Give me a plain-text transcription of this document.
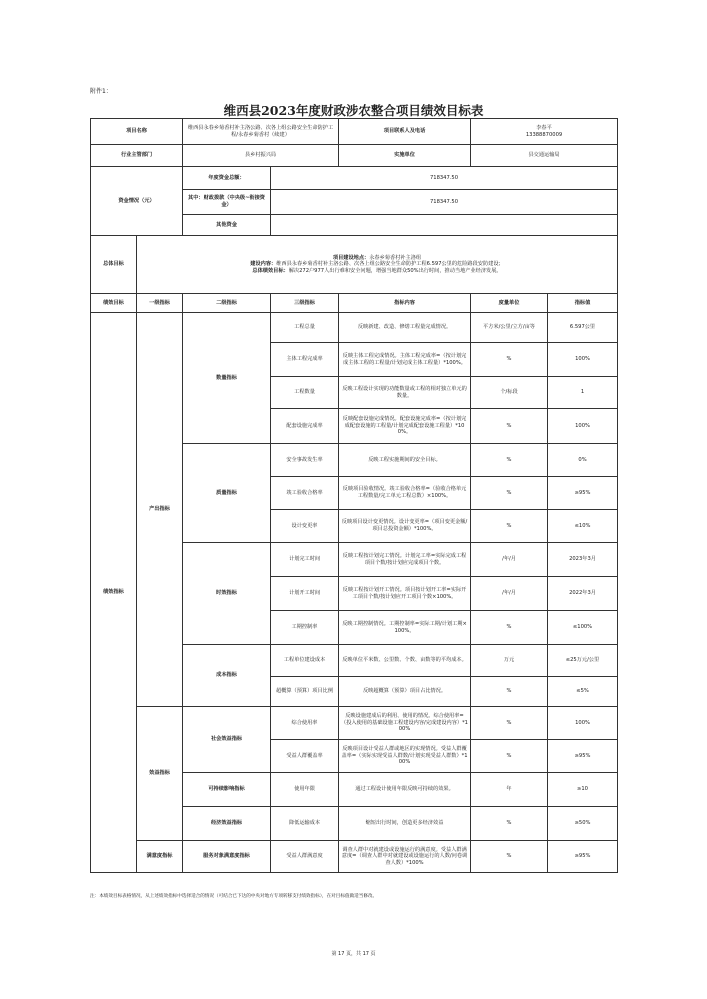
附件1：
维西县2023年度财政涉农整合项目绩效目标表
项目名称		维西县永春乡菊香村补主洛公路、次各上组公路安全生命防护工程/永春乡菊香村（续建）		项目联系人及电话	李春平
13388870009	
行业主管部门		县乡村振兴局		实施单位	县交通运输局	
资金情况（元）		年度资金总额：	718347.50			
		其中：财政拨款（中央级~衔接资金）	718347.50			
		其他资金				
总体目标	项目建设地点：永春乡菊香村补主洛组
建设内容：维西县永春乡菊香村补主洛公路、次各上组公路安全生命防护工程6.597公里的危险路段安防建设；
总体绩效目标：解决272户977人出行难和安全问题，增强当地群众50%出行时间，推动当地产业经济发展。					

绩效目标	一级指标	二级指标	三级指标	指标内容	度量单位	指标值
绩效指标	产出指标	数量指标	工程总量	反映新建、改造、修缮工程量完成情况。	平方米/公里/立方/亩等	6.597公里
			主体工程完成率	反映主体工程完成情况。主体工程完成率=（按计划完成主体工程的工程量/计划完成主体工程量）*100%。	%	100%
			工程数量	反映工程设计实现的功能数量或工程的相对独立单元的数量。	个/标段	1
			配套设施完成率	反映配套设施完成情况。配套设施完成率=（按计划完成配套设施的工程量/计划完成配套设施工程量）*100%。	%	100%
		质量指标	安全事故发生率	反映工程实施期间的安全目标。	%	0%
			竣工验收合格率	反映项目验收情况。竣工验收合格率=（验收合格单元工程数量/完工单元工程总数）×100%。	%	≥95%
			设计变更率	反映项目设计变更情况。设计变更率=（项目变更金额/项目总投资金额）*100%。	%	≤10%
		时效指标	计划完工时间	反映工程按计划完工情况。计划完工率=实际完成工程项目个数/按计划应完成项目个数。	/年/月	2023年3月
			计划开工时间	反映工程按计划开工情况。项目按计划开工率=实际开工项目个数/按计划应开工项目个数×100%。	/年/月	2022年3月
			工期控制率	反映工期控制情况。工期控制率=实际工期/计划工期×100%。	%	≤100%
		成本指标	工程单位建设成本	反映单位平米数、公里数、个数、亩数等的平均成本。	万元	≤25万元/公里
			超概算（预算）项目比例	反映超概算（预算）项目占比情况。	%	≤5%
	效益指标	社会效益指标	综合使用率	反映设施建成后的利用、使用的情况。综合使用率=（投入使用的基础设施工程建设内容/完成建设内容）*100%	%	100%
			受益人群覆盖率	反映项目设计受益人群或地区的实现情况。受益人群覆盖率=（实际实现受益人群数/计划实现受益人群数）*100%	%	≥95%
		可持续影响指标	使用年限	通过工程设计使用年限反映可持续的效果。	年	≥10
		经济效益指标	降低运输成本	缩短出行时间，创造更多经济效益	%	≥50%
	满意度指标	服务对象满意度指标	受益人群满意度	调查人群中对就建设或设施运行的满意度。受益人群满意度=（调查人群中对就建设或设施运行的人数/问卷调查人数）*100%	%	≥95%
注：本绩效目标表格情况，从上述绩效指标中选择适合的情况（可结合已下达的中央对地方专项转移支付绩效指标），在对目标值做适当修改。
第 17 页，共 17 页
